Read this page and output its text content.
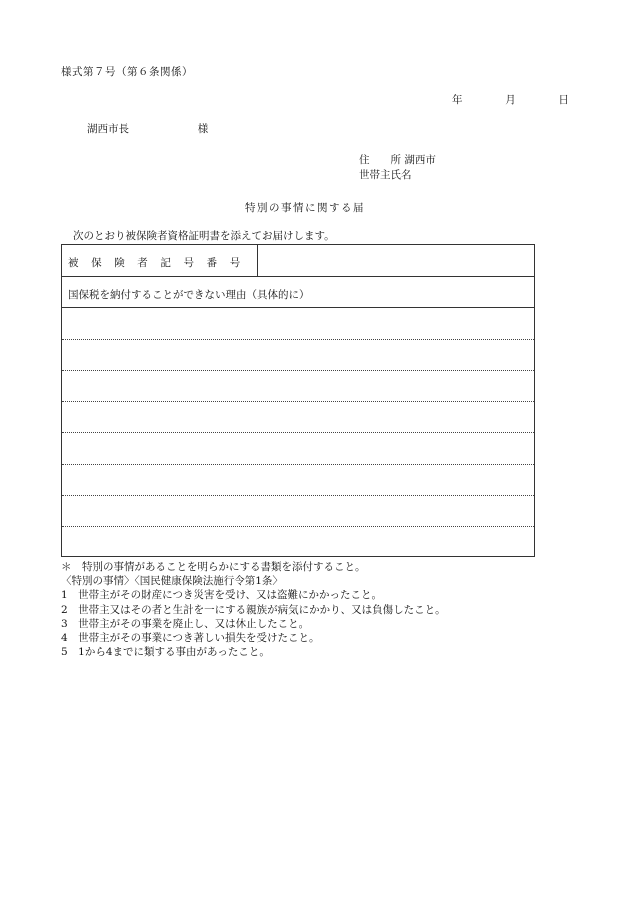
様式第７号（第６条関係）
年	月	日
湖西市長	様
住　　所 湖西市
世帯主氏名
特別の事情に関する届
次のとおり被保険者資格証明書を添えてお届けします。
被保険者記号番号
国保税を納付することができない理由（具体的に）
＊　特別の事情があることを明らかにする書類を添付すること。
〈特別の事情〉〈国民健康保険法施行令第1条〉
1　世帯主がその財産につき災害を受け、又は盗難にかかったこと。
2　世帯主又はその者と生計を一にする親族が病気にかかり、又は負傷したこと。
3　世帯主がその事業を廃止し、又は休止したこと。
4　世帯主がその事業につき著しい損失を受けたこと。
5　1から4までに類する事由があったこと。
